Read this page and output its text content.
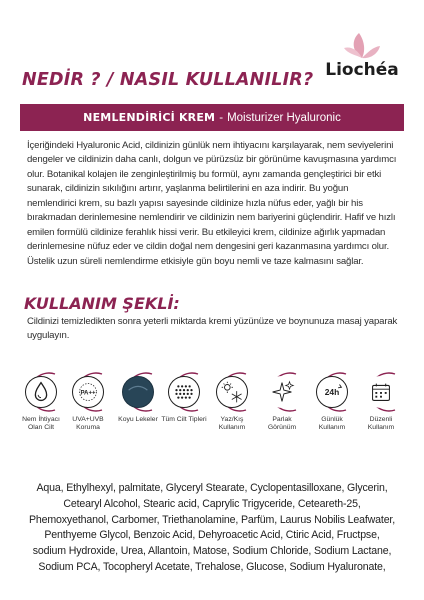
NEDİR ? / NASIL KULLANILIR? Liochéa
NEMLENDİRİCİ KREM - Moisturizer Hyaluronic

İçeriğindeki Hyaluronic Acid, cildinizin günlük nem ihtiyacını karşılayarak, nem seviyelerini dengeler ve cildinizin daha canlı, dolgun ve pürüzsüz bir görünüme kavuşmasına yardımcı olur. Botanikal kolajen ile zenginleştirilmiş bu formül, aynı zamanda gençleştirici bir etki sunarak, cildinizin sıkılığını artırır, yaşlanma belirtilerini en aza indirir. Bu yoğun nemlendirici krem, su bazlı yapısı sayesinde cildinize hızla nüfus eder, yağlı bir his bırakmadan derinlemesine nemlendirir ve cildinizin nem bariyerini güçlendirir. Hafif ve hızlı emilen formülü cildinize ferahlık hissi verir. Bu etkileyici krem, cildinize ağırlık yapmadan derinlemesine nüfuz eder ve cildin doğal nem dengesini geri kazanmasına yardımcı olur. Üstelik uzun süreli nemlendirme etkisiyle gün boyu nemli ve taze kalmasını sağlar.

KULLANIM ŞEKLİ:

Cildinizi temizledikten sonra yeterli miktarda kremi yüzünüze ve boynunuza masaj yaparak uygulayın.

Nem İhtiyacı Olan Cilt
PA++
UVA+UVB Koruma
Koyu Lekeler Tüm Cilt Tipleri	Yaz/Kış Kullanım
Parlak Görünüm
24h
Günlük Kullanım
Düzenli Kullanım

Aqua, Ethylhexyl, palmitate, Glyceryl Stearate, Cyclopentasilloxane, Glycerin, Cetearyl Alcohol, Stearic acid, Caprylic Trigyceride, Ceteareth-25, Phemoxyethanol, Carbomer, Triethanolamine, Parfüm, Laurus Nobilis Leafwater, Penthyeme Glycol, Benzoic Acid, Dehyroacetic Acid, Ctiric Acid, Fructpse, sodium Hydroxide, Urea, Allantoin, Matose, Sodium Chloride, Sodium Lactane, Sodium PCA, Tocopheryl Acetate, Trehalose, Glucose, Sodium Hyaluronate,
